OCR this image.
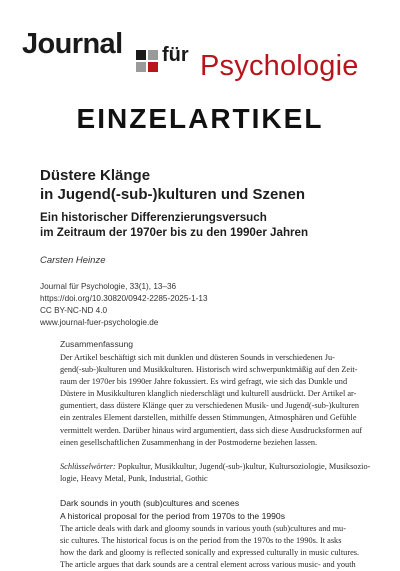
Journal für Psychologie
EINZELARTIKEL
Düstere Klänge
in Jugend(-sub-)kulturen und Szenen
Ein historischer Differenzierungsversuch
im Zeitraum der 1970er bis zu den 1990er Jahren
Carsten Heinze
Journal für Psychologie, 33(1), 13–36
https://doi.org/10.30820/0942-2285-2025-1-13
CC BY-NC-ND 4.0
www.journal-fuer-psychologie.de
Zusammenfassung
Der Artikel beschäftigt sich mit dunklen und düsteren Sounds in verschiedenen Ju-
gend(-sub-)kulturen und Musikkulturen. Historisch wird schwerpunktmäßig auf den Zeit-
raum der 1970er bis 1990er Jahre fokussiert. Es wird gefragt, wie sich das Dunkle und
Düstere in Musikkulturen klanglich niederschlägt und kulturell ausdrückt. Der Artikel ar-
gumentiert, dass düstere Klänge quer zu verschiedenen Musik- und Jugend(-sub-)kulturen
ein zentrales Element darstellen, mithilfe dessen Stimmungen, Atmosphären und Gefühle
vermittelt werden. Darüber hinaus wird argumentiert, dass sich diese Ausdrucksformen auf
einen gesellschaftlichen Zusammenhang in der Postmoderne beziehen lassen.
Schlüsselwörter: Popkultur, Musikkultur, Jugend(-sub-)kultur, Kultursoziologie, Musiksozio-
logie, Heavy Metal, Punk, Industrial, Gothic
Dark sounds in youth (sub)cultures and scenes
A historical proposal for the period from 1970s to the 1990s
The article deals with dark and gloomy sounds in various youth (sub)cultures and mu-
sic cultures. The historical focus is on the period from the 1970s to the 1990s. It asks
how the dark and gloomy is reflected sonically and expressed culturally in music cultures.
The article argues that dark sounds are a central element across various music- and youth
